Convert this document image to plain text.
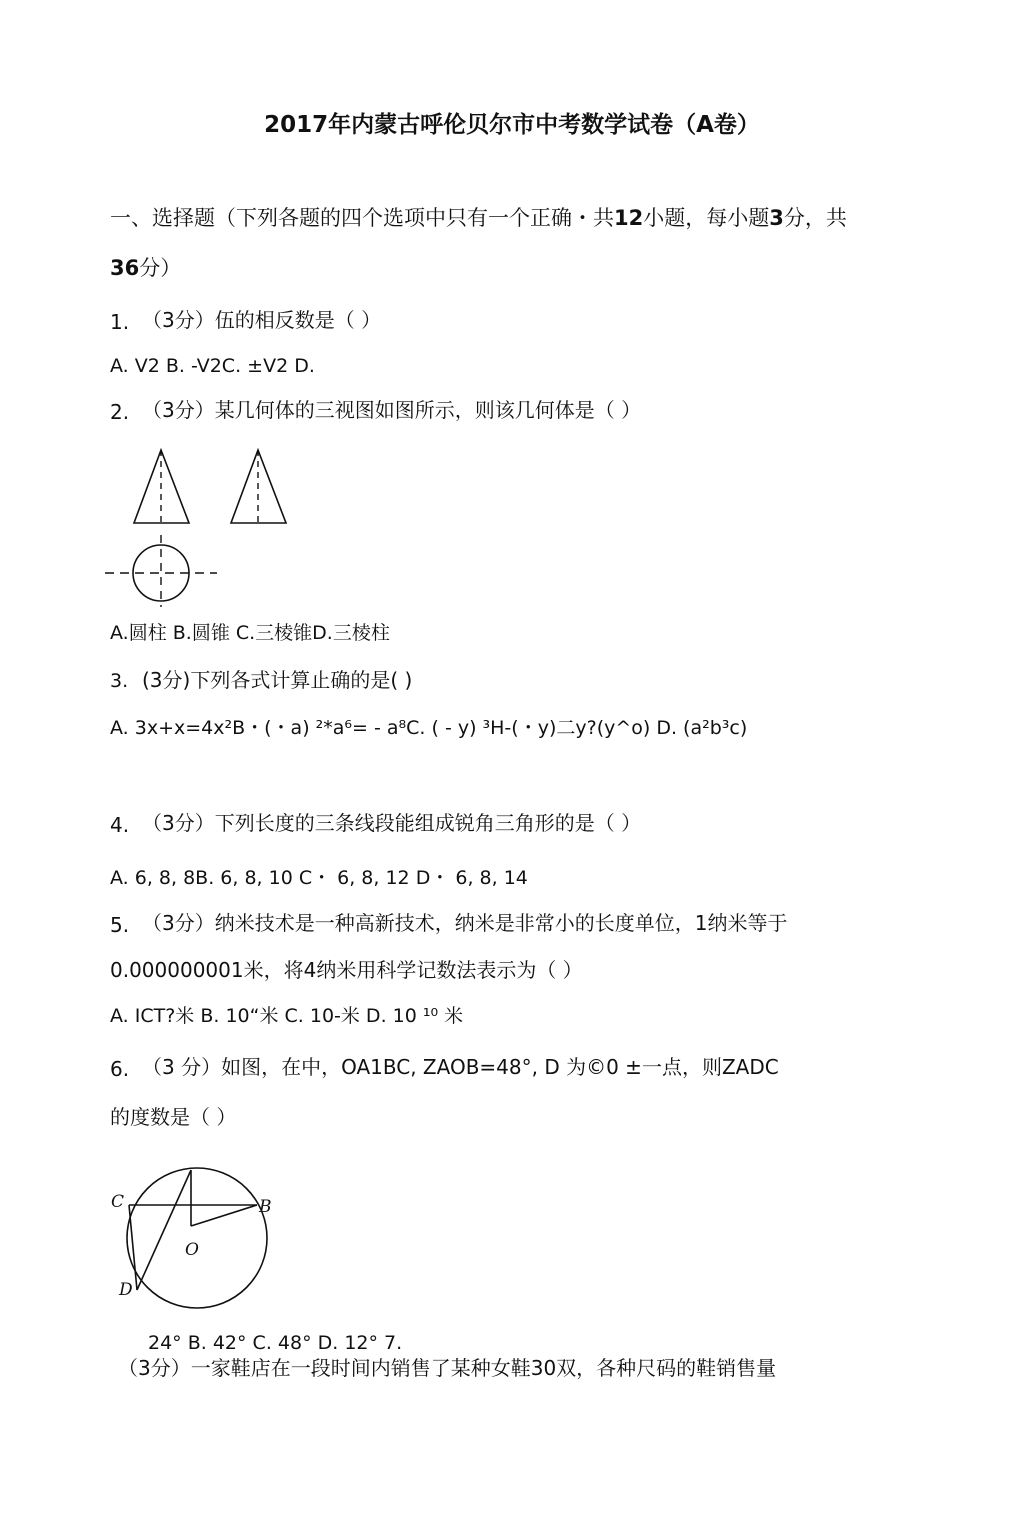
2017年内蒙古呼伦贝尔市中考数学试卷（A卷）
一、选择题（下列各题的四个选项中只有一个正确・共12小题，每小题3分，共
36分）
1. （3分）伍的相反数是（ ）
A. V2 B. -V2C. ±V2 D.
2. （3分）某几何体的三视图如图所示，则该几何体是（ ）
A.圆柱 B.圆锥 C.三棱锥D.三棱柱
3. (3分)下列各式计算止确的是( )
A. 3x+x=4x²B・(・a) ²*a⁶= - a⁸C. ( - y) ³H-(・y)二y?(y^o) D. (a²b³c)
4. （3分）下列长度的三条线段能组成锐角三角形的是（ ）
A. 6, 8, 8B. 6, 8, 10 C・ 6, 8, 12 D・ 6, 8, 14
5. （3分）纳米技术是一种高新技术，纳米是非常小的长度单位，1纳米等于
0.000000001米，将4纳米用科学记数法表示为（ ）
A. ICT?米 B. 10“米 C. 10-米 D. 10 ¹⁰ 米
6. （3 分）如图，在中，OA1BC, ZAOB=48°, D 为©0 ±一点，则ZADC
的度数是（ ）
C	B
O
D
24° B. 42° C. 48° D. 12° 7.
（3分）一家鞋店在一段时间内销售了某种女鞋30双，各种尺码的鞋销售量
